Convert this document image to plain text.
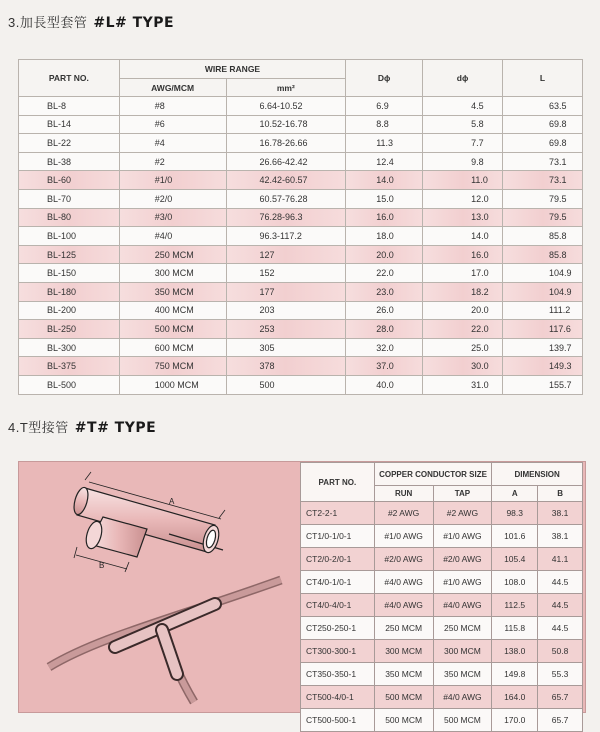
3.加長型套管 #L# TYPE
PART NO.	WIRE RANGE		Dϕ	dϕ	L
	AWG/MCM	mm²			
BL-8	#8	6.64-10.52	6.9	4.5	63.5
BL-14	#6	10.52-16.78	8.8	5.8	69.8
BL-22	#4	16.78-26.66	11.3	7.7	69.8
BL-38	#2	26.66-42.42	12.4	9.8	73.1
BL-60	#1/0	42.42-60.57	14.0	11.0	73.1
BL-70	#2/0	60.57-76.28	15.0	12.0	79.5
BL-80	#3/0	76.28-96.3	16.0	13.0	79.5
BL-100	#4/0	96.3-117.2	18.0	14.0	85.8
BL-125	250 MCM	127	20.0	16.0	85.8
BL-150	300 MCM	152	22.0	17.0	104.9
BL-180	350 MCM	177	23.0	18.2	104.9
BL-200	400 MCM	203	26.0	20.0	111.2
BL-250	500 MCM	253	28.0	22.0	117.6
BL-300	600 MCM	305	32.0	25.0	139.7
BL-375	750 MCM	378	37.0	30.0	149.3
BL-500	1000 MCM	500	40.0	31.0	155.7
4.T型接管 #T# TYPE
A
B
PART NO.	COPPER CONDUCTOR SIZE		DIMENSION	
	RUN	TAP	A	B
CT2-2-1	#2 AWG	#2 AWG	98.3	38.1
CT1/0-1/0-1	#1/0 AWG	#1/0 AWG	101.6	38.1
CT2/0-2/0-1	#2/0 AWG	#2/0 AWG	105.4	41.1
CT4/0-1/0-1	#4/0 AWG	#1/0 AWG	108.0	44.5
CT4/0-4/0-1	#4/0 AWG	#4/0 AWG	112.5	44.5
CT250-250-1	250 MCM	250 MCM	115.8	44.5
CT300-300-1	300 MCM	300 MCM	138.0	50.8
CT350-350-1	350 MCM	350 MCM	149.8	55.3
CT500-4/0-1	500 MCM	#4/0 AWG	164.0	65.7
CT500-500-1	500 MCM	500 MCM	170.0	65.7
